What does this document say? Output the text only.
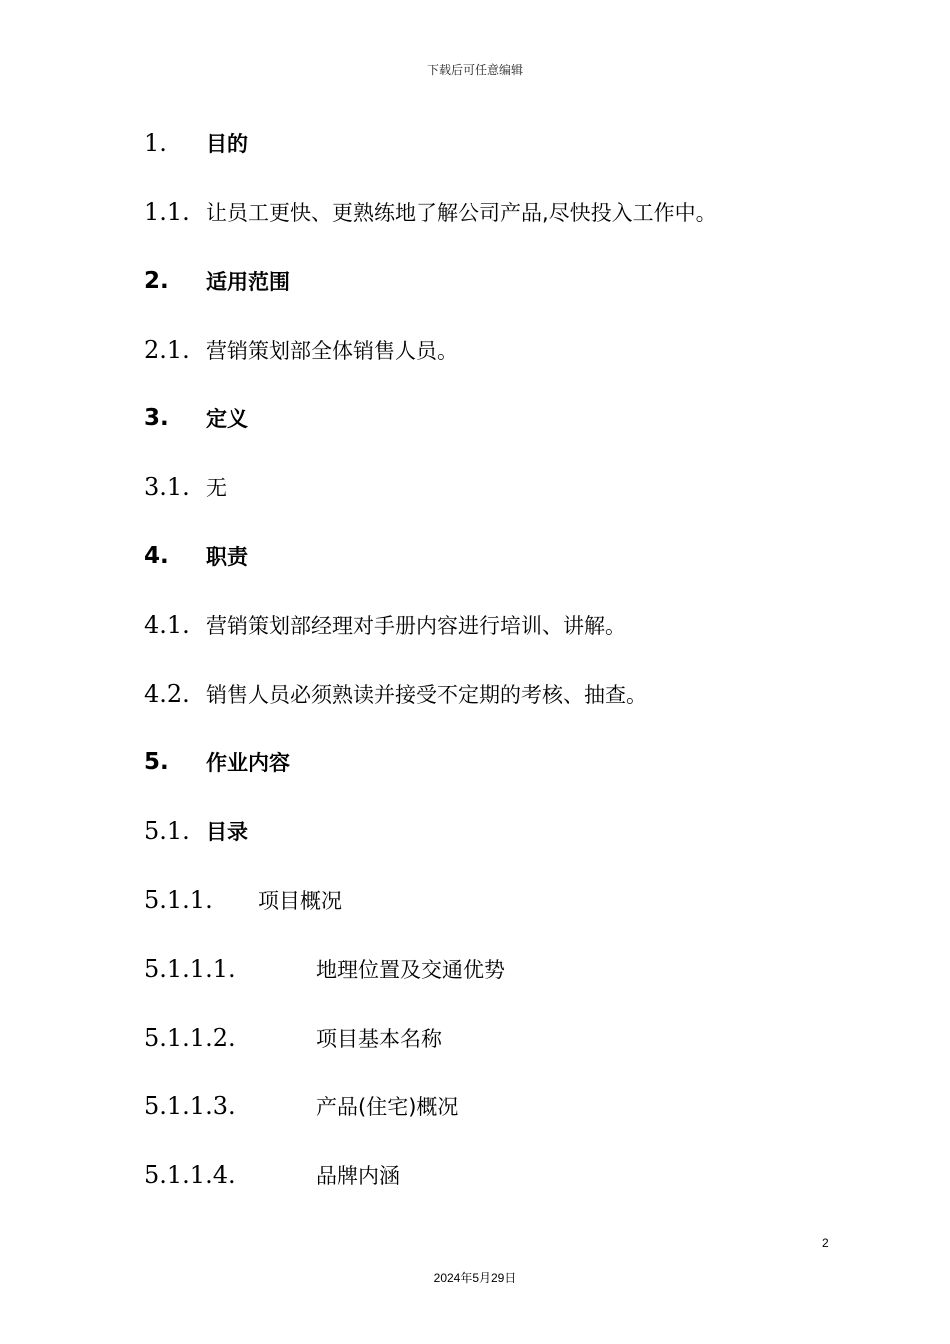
下载后可任意编辑
1. 目的
1.1. 让员工更快、更熟练地了解公司产品,尽快投入工作中。
2. 适用范围
2.1. 营销策划部全体销售人员。
3. 定义
3.1. 无
4. 职责
4.1. 营销策划部经理对手册内容进行培训、讲解。
4.2. 销售人员必须熟读并接受不定期的考核、抽查。
5. 作业内容
5.1. 目录
5.1.1. 项目概况
5.1.1.1.	地理位置及交通优势
5.1.1.2.	项目基本名称
5.1.1.3.	产品(住宅)概况
5.1.1.4.	品牌内涵
2
2024年5月29日
